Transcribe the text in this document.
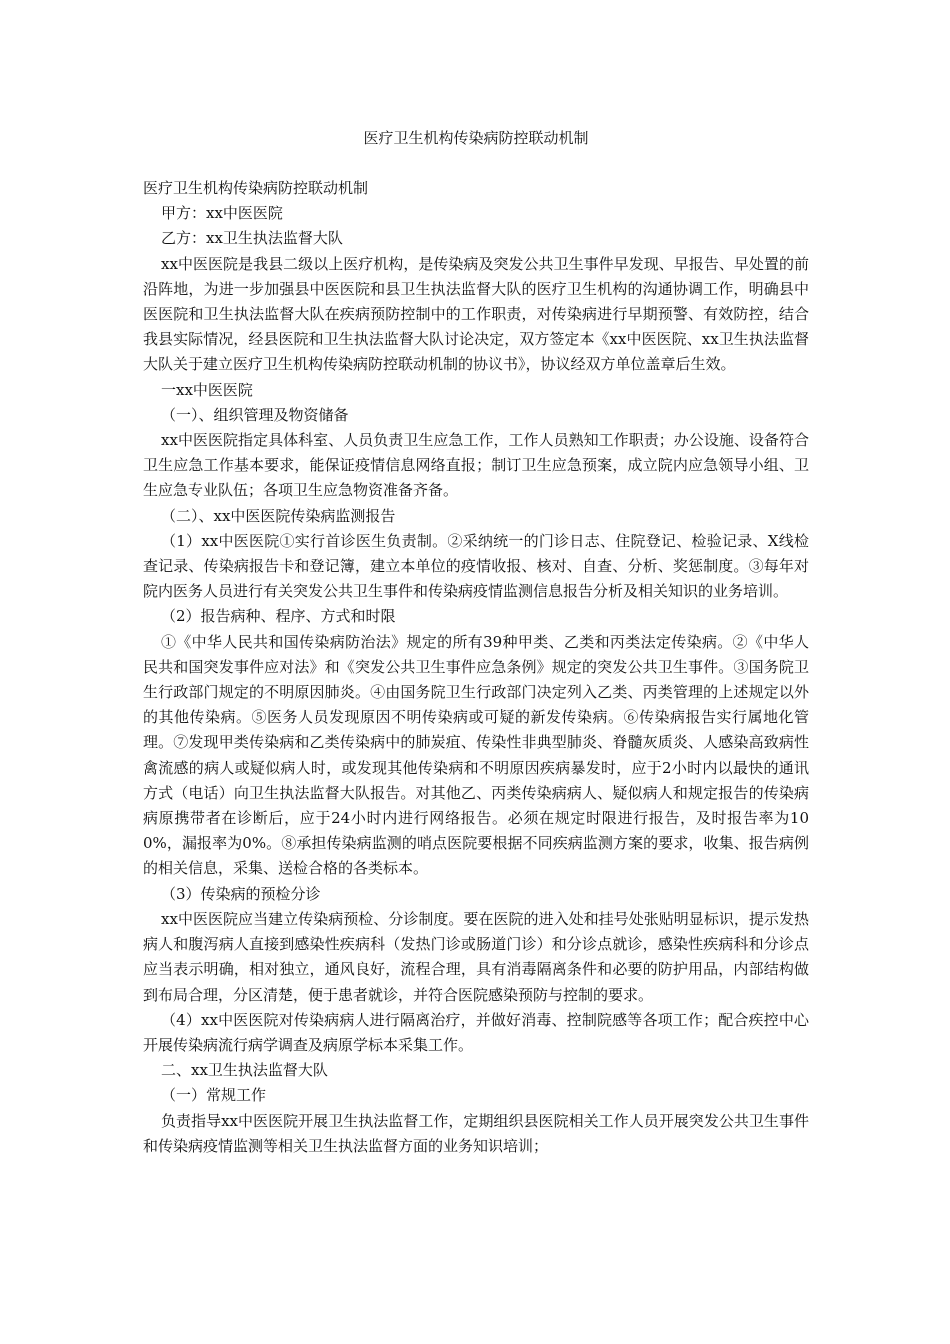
医疗卫生机构传染病防控联动机制

医疗卫生机构传染病防控联动机制

甲方：xx中医医院

乙方：xx卫生执法监督大队

xx中医医院是我县二级以上医疗机构，是传染病及突发公共卫生事件早发现、早报告、早处置的前沿阵地，为进一步加强县中医医院和县卫生执法监督大队的医疗卫生机构的沟通协调工作，明确县中医医院和卫生执法监督大队在疾病预防控制中的工作职责，对传染病进行早期预警、有效防控，结合我县实际情况，经县医院和卫生执法监督大队讨论决定，双方签定本《xx中医医院、xx卫生执法监督大队关于建立医疗卫生机构传染病防控联动机制的协议书》，协议经双方单位盖章后生效。

一xx中医医院

（一）、组织管理及物资储备

xx中医医院指定具体科室、人员负责卫生应急工作，工作人员熟知工作职责；办公设施、设备符合卫生应急工作基本要求，能保证疫情信息网络直报；制订卫生应急预案，成立院内应急领导小组、卫生应急专业队伍；各项卫生应急物资准备齐备。

（二）、xx中医医院传染病监测报告

（1）xx中医医院①实行首诊医生负责制。②采纳统一的门诊日志、住院登记、检验记录、X线检查记录、传染病报告卡和登记簿，建立本单位的疫情收报、核对、自查、分析、奖惩制度。③每年对院内医务人员进行有关突发公共卫生事件和传染病疫情监测信息报告分析及相关知识的业务培训。

（2）报告病种、程序、方式和时限

①《中华人民共和国传染病防治法》规定的所有39种甲类、乙类和丙类法定传染病。②《中华人民共和国突发事件应对法》和《突发公共卫生事件应急条例》规定的突发公共卫生事件。③国务院卫生行政部门规定的不明原因肺炎。④由国务院卫生行政部门决定列入乙类、丙类管理的上述规定以外的其他传染病。⑤医务人员发现原因不明传染病或可疑的新发传染病。⑥传染病报告实行属地化管理。⑦发现甲类传染病和乙类传染病中的肺炭疽、传染性非典型肺炎、脊髓灰质炎、人感染高致病性禽流感的病人或疑似病人时，或发现其他传染病和不明原因疾病暴发时，应于2小时内以最快的通讯方式（电话）向卫生执法监督大队报告。对其他乙、丙类传染病病人、疑似病人和规定报告的传染病病原携带者在诊断后，应于24小时内进行网络报告。必须在规定时限进行报告，及时报告率为100%，漏报率为0%。⑧承担传染病监测的哨点医院要根据不同疾病监测方案的要求，收集、报告病例的相关信息，采集、送检合格的各类标本。

（3）传染病的预检分诊

xx中医医院应当建立传染病预检、分诊制度。要在医院的进入处和挂号处张贴明显标识，提示发热病人和腹泻病人直接到感染性疾病科（发热门诊或肠道门诊）和分诊点就诊，感染性疾病科和分诊点应当表示明确，相对独立，通风良好，流程合理，具有消毒隔离条件和必要的防护用品，内部结构做到布局合理，分区清楚，便于患者就诊，并符合医院感染预防与控制的要求。

（4）xx中医医院对传染病病人进行隔离治疗，并做好消毒、控制院感等各项工作；配合疾控中心开展传染病流行病学调查及病原学标本采集工作。

二、xx卫生执法监督大队

（一）常规工作

负责指导xx中医医院开展卫生执法监督工作，定期组织县医院相关工作人员开展突发公共卫生事件和传染病疫情监测等相关卫生执法监督方面的业务知识培训；
